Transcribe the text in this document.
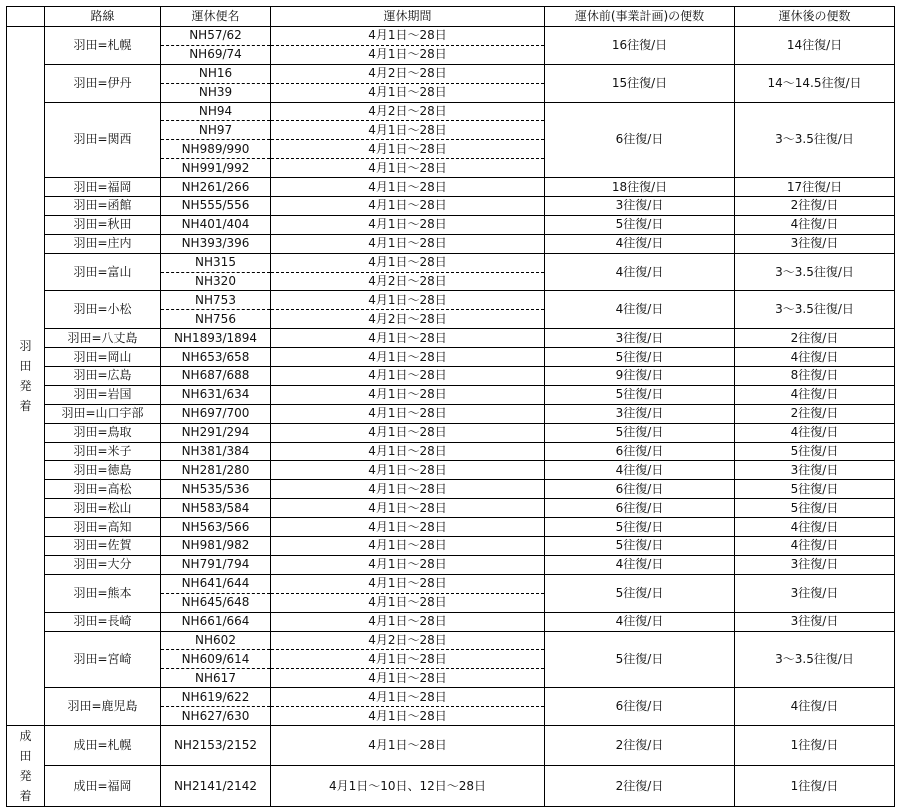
	路線	運休便名	運休期間	運休前(事業計画)の便数	運休後の便数
羽田発着	羽田=札幌	NH57/62	4月1日～28日	16往復/日	14往復/日
		NH69/74	4月1日～28日		
	羽田=伊丹	NH16	4月2日～28日	15往復/日	14～14.5往復/日
		NH39	4月1日～28日		
	羽田=関西	NH94	4月2日～28日	6往復/日	3～3.5往復/日
		NH97	4月1日～28日		
		NH989/990	4月1日～28日		
		NH991/992	4月1日～28日		
	羽田=福岡	NH261/266	4月1日～28日	18往復/日	17往復/日
	羽田=函館	NH555/556	4月1日～28日	3往復/日	2往復/日
	羽田=秋田	NH401/404	4月1日～28日	5往復/日	4往復/日
	羽田=庄内	NH393/396	4月1日～28日	4往復/日	3往復/日
	羽田=富山	NH315	4月1日～28日	4往復/日	3～3.5往復/日
		NH320	4月2日～28日		
	羽田=小松	NH753	4月1日～28日	4往復/日	3～3.5往復/日
		NH756	4月2日～28日		
	羽田=八丈島	NH1893/1894	4月1日～28日	3往復/日	2往復/日
	羽田=岡山	NH653/658	4月1日～28日	5往復/日	4往復/日
	羽田=広島	NH687/688	4月1日～28日	9往復/日	8往復/日
	羽田=岩国	NH631/634	4月1日～28日	5往復/日	4往復/日
	羽田=山口宇部	NH697/700	4月1日～28日	3往復/日	2往復/日
	羽田=鳥取	NH291/294	4月1日～28日	5往復/日	4往復/日
	羽田=米子	NH381/384	4月1日～28日	6往復/日	5往復/日
	羽田=徳島	NH281/280	4月1日～28日	4往復/日	3往復/日
	羽田=高松	NH535/536	4月1日～28日	6往復/日	5往復/日
	羽田=松山	NH583/584	4月1日～28日	6往復/日	5往復/日
	羽田=高知	NH563/566	4月1日～28日	5往復/日	4往復/日
	羽田=佐賀	NH981/982	4月1日～28日	5往復/日	4往復/日
	羽田=大分	NH791/794	4月1日～28日	4往復/日	3往復/日
	羽田=熊本	NH641/644	4月1日～28日	5往復/日	3往復/日
		NH645/648	4月1日～28日		
	羽田=長崎	NH661/664	4月1日～28日	4往復/日	3往復/日
	羽田=宮崎	NH602	4月2日～28日	5往復/日	3～3.5往復/日
		NH609/614	4月1日～28日		
		NH617	4月1日～28日		
	羽田=鹿児島	NH619/622	4月1日～28日	6往復/日	4往復/日
		NH627/630	4月1日～28日		
成田発着	成田=札幌	NH2153/2152	4月1日～28日	2往復/日	1往復/日
	成田=福岡	NH2141/2142	4月1日～10日、12日～28日	2往復/日	1往復/日
